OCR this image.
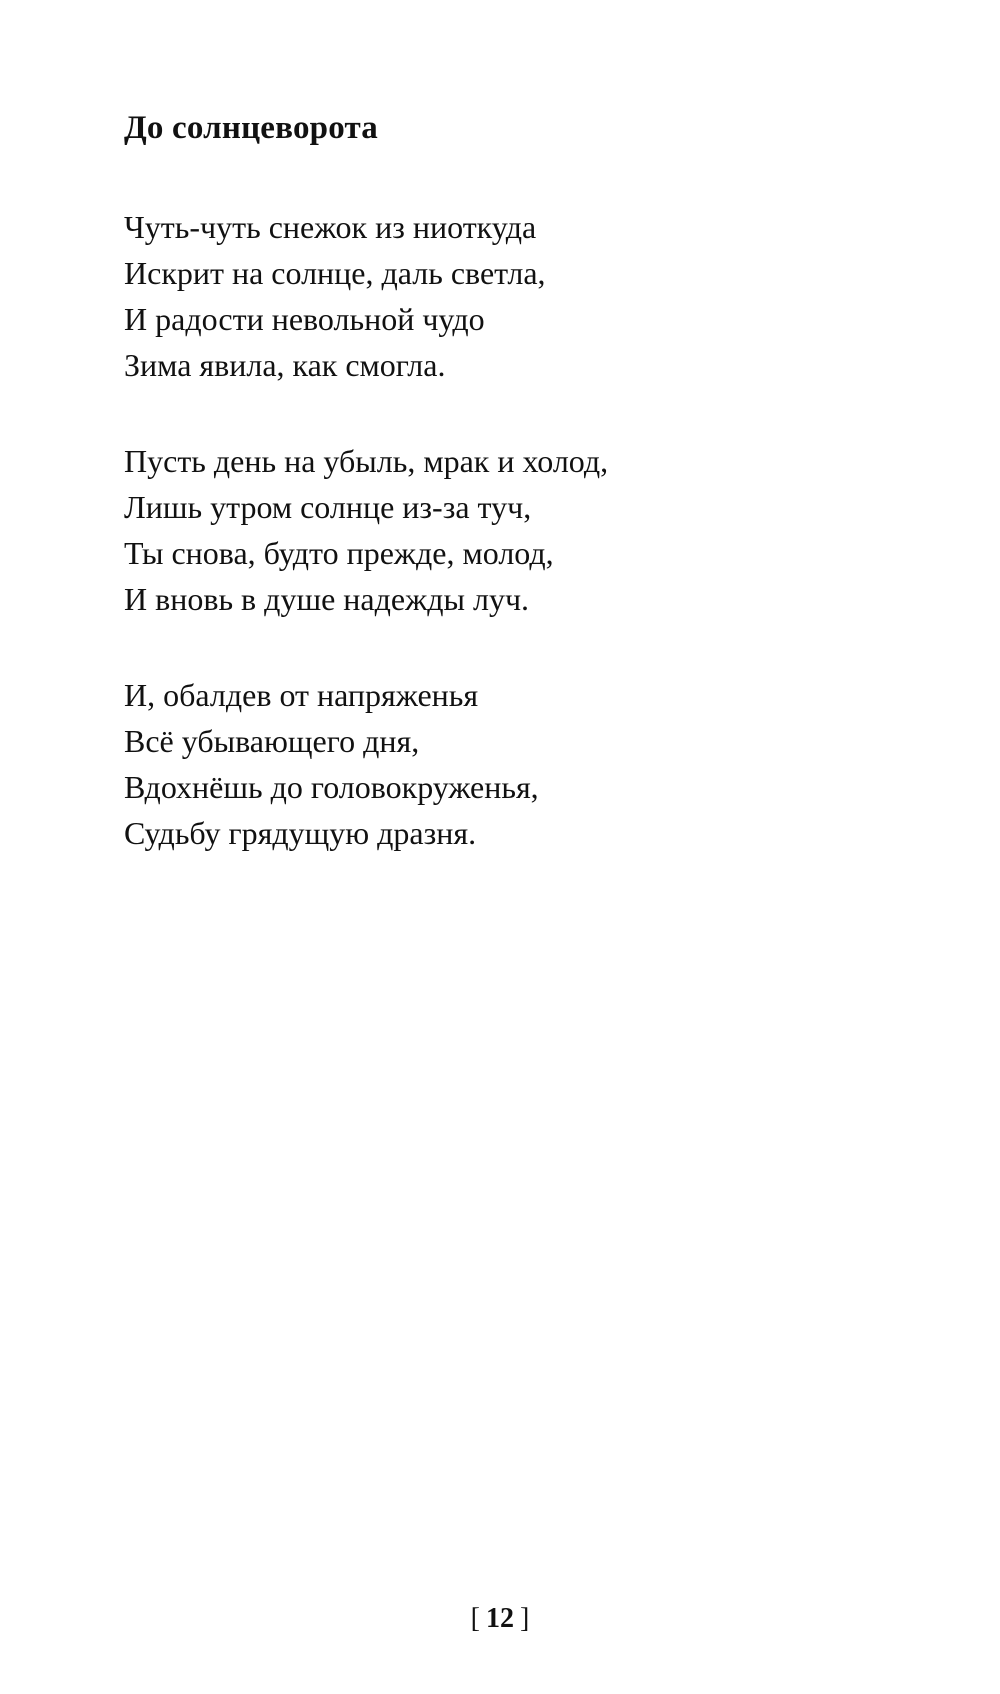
До солнцеворота
Чуть-чуть снежок из ниоткуда
Искрит на солнце, даль светла,
И радости невольной чудо
Зима явила, как смогла.
Пусть день на убыль, мрак и холод,
Лишь утром солнце из-за туч,
Ты снова, будто прежде, молод,
И вновь в душе надежды луч.
И, обалдев от напряженья
Всё убывающего дня,
Вдохнёшь до головокруженья,
Судьбу грядущую дразня.
[ 12 ]
